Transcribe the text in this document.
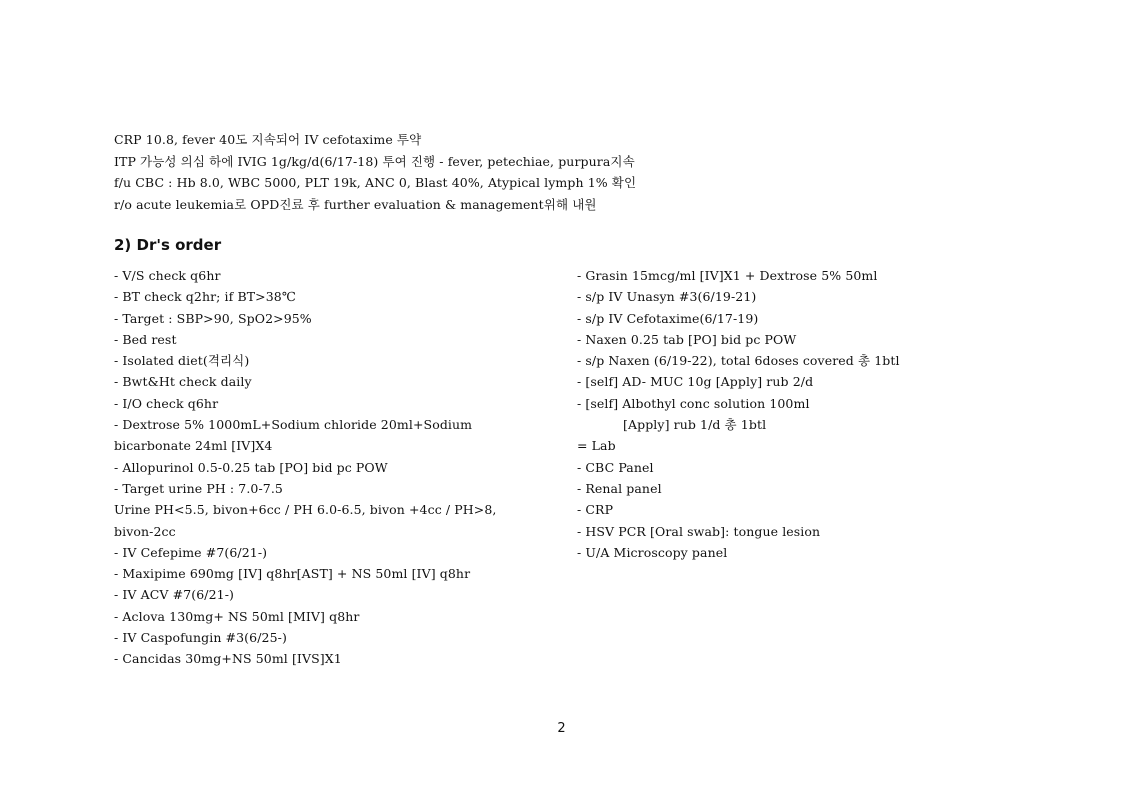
CRP 10.8, fever 40도 지속되어 IV cefotaxime 투약
ITP 가능성 의심 하에 IVIG 1g/kg/d(6/17-18) 투여 진행 - fever, petechiae, purpura지속
f/u CBC : Hb 8.0, WBC 5000, PLT 19k, ANC 0, Blast 40%, Atypical lymph 1% 확인
r/o acute leukemia로 OPD진료 후 further evaluation & management위해 내원
2) Dr's order
- V/S check q6hr
- BT check q2hr; if BT>38℃
- Target : SBP>90, SpO2>95%
- Bed rest
- Isolated diet(격리식)
- Bwt&Ht check daily
- I/O check q6hr
- Dextrose 5% 1000mL+Sodium chloride 20ml+Sodium
bicarbonate 24ml [IV]X4
- Allopurinol 0.5-0.25 tab [PO] bid pc POW
- Target urine PH : 7.0-7.5
Urine PH<5.5, bivon+6cc / PH 6.0-6.5, bivon +4cc / PH>8,
bivon-2cc
- IV Cefepime #7(6/21-)
- Maxipime 690mg [IV] q8hr[AST] + NS 50ml [IV] q8hr
- IV ACV #7(6/21-)
- Aclova 130mg+ NS 50ml [MIV] q8hr
- IV Caspofungin #3(6/25-)
- Cancidas 30mg+NS 50ml [IVS]X1
- Grasin 15mcg/ml [IV]X1 + Dextrose 5% 50ml
- s/p IV Unasyn #3(6/19-21)
- s/p IV Cefotaxime(6/17-19)
- Naxen 0.25 tab [PO] bid pc POW
- s/p Naxen (6/19-22), total 6doses covered 총 1btl
- [self] AD- MUC 10g [Apply] rub 2/d
- [self] Albothyl conc solution 100ml
[Apply] rub 1/d 총 1btl
= Lab
- CBC Panel
- Renal panel
- CRP
- HSV PCR [Oral swab]: tongue lesion
- U/A Microscopy panel
2
